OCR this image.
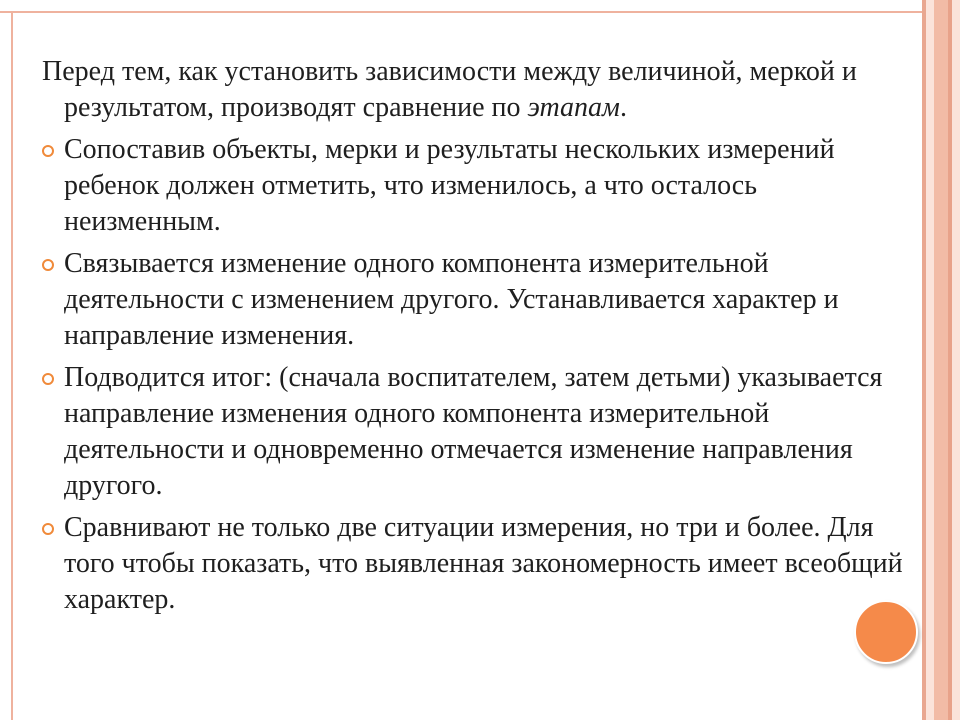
Перед тем, как установить зависимости между величиной, меркой и результатом, производят сравнение по этапам.

Сопоставив объекты, мерки и результаты нескольких измерений ребенок должен отметить, что изменилось, а что осталось неизменным.

Связывается изменение одного компонента измерительной деятельности с изменением другого. Устанавливается характер и направление изменения.

Подводится итог: (сначала воспитателем, затем детьми) указывается направление изменения одного компонента измерительной деятельности и одновременно отмечается изменение направления другого.

Сравнивают не только две ситуации измерения, но три и более. Для того чтобы показать, что выявленная закономерность имеет всеобщий характер.
